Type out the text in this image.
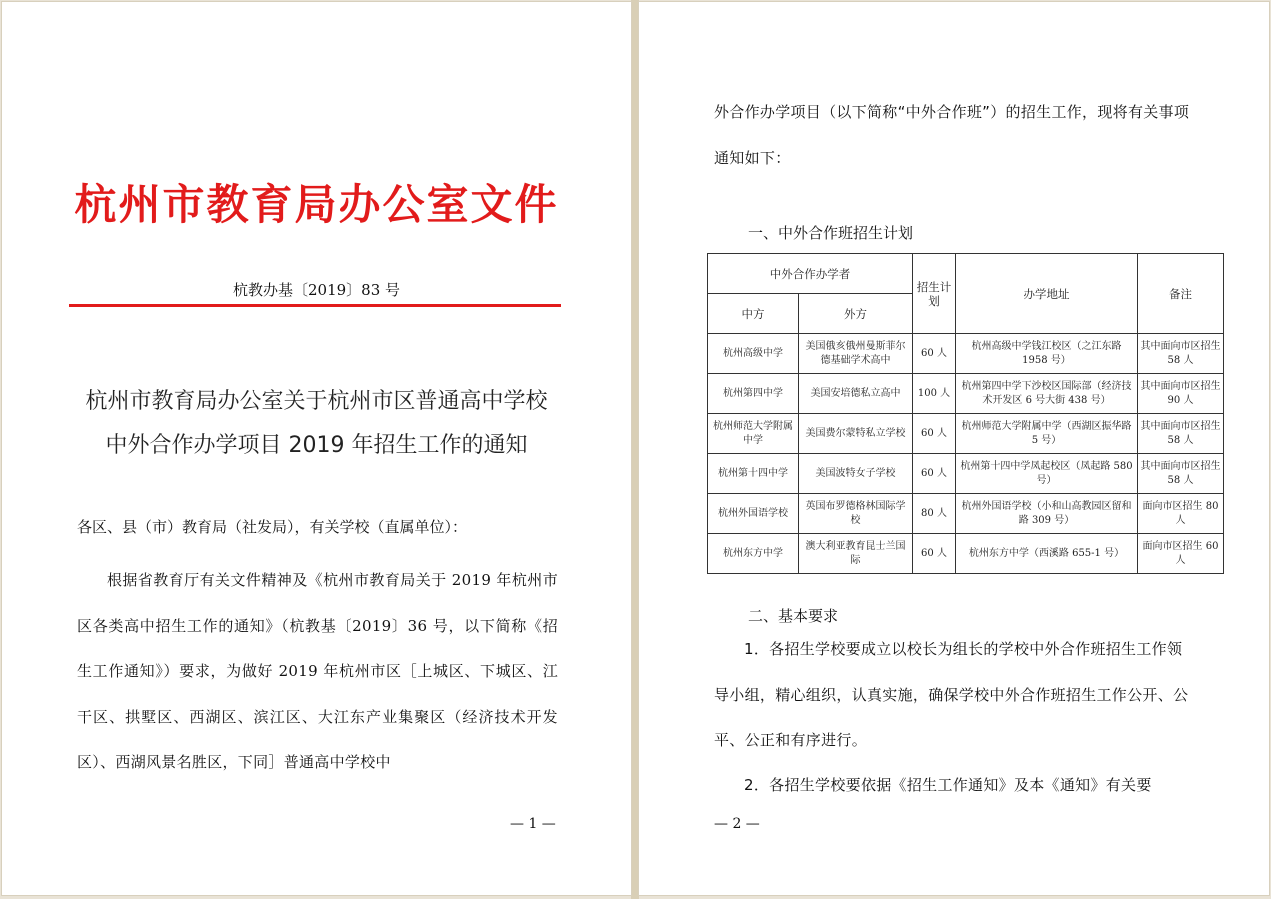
杭州市教育局办公室文件
杭教办基〔2019〕83 号
杭州市教育局办公室关于杭州市区普通高中学校
中外合作办学项目 2019 年招生工作的通知
各区、县（市）教育局（社发局），有关学校（直属单位）：
根据省教育厅有关文件精神及《杭州市教育局关于 2019 年杭州市区各类高中招生工作的通知》（杭教基〔2019〕36 号，以下简称《招生工作通知》）要求，为做好 2019 年杭州市区［上城区、下城区、江干区、拱墅区、西湖区、滨江区、大江东产业集聚区（经济技术开发区）、西湖风景名胜区，下同］普通高中学校中
— 1 —
外合作办学项目（以下简称“中外合作班”）的招生工作，现将有关事项通知如下：
一、中外合作班招生计划
中外合作办学者		招生计划	办学地址	备注
中方	外方			
杭州高级中学	美国俄亥俄州曼斯菲尔德基础学术高中	60 人	杭州高级中学钱江校区（之江东路 1958 号）	其中面向市区招生 58 人
杭州第四中学	美国安培德私立高中	100 人	杭州第四中学下沙校区国际部（经济技术开发区 6 号大街 438 号）	其中面向市区招生 90 人
杭州师范大学附属中学	美国费尔蒙特私立学校	60 人	杭州师范大学附属中学（西湖区振华路 5 号）	其中面向市区招生 58 人
杭州第十四中学	美国波特女子学校	60 人	杭州第十四中学凤起校区（凤起路 580 号）	其中面向市区招生 58 人
杭州外国语学校	英国布罗德格林国际学校	80 人	杭州外国语学校（小和山高教园区留和路 309 号）	面向市区招生 80 人
杭州东方中学	澳大利亚教育昆士兰国际	60 人	杭州东方中学（西溪路 655-1 号）	面向市区招生 60 人
二、基本要求
1．各招生学校要成立以校长为组长的学校中外合作班招生工作领导小组，精心组织，认真实施，确保学校中外合作班招生工作公开、公平、公正和有序进行。
2．各招生学校要依据《招生工作通知》及本《通知》有关要
— 2 —
